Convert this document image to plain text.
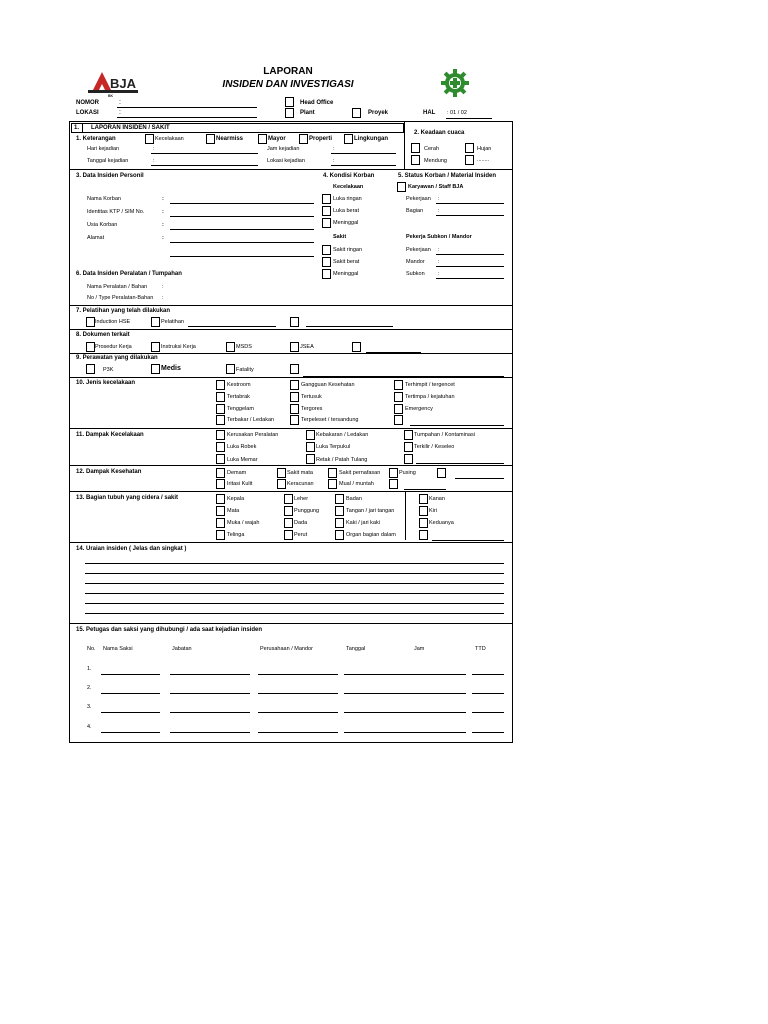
BJA
BK
LAPORAN
INSIDEN DAN INVESTIGASI
NOMOR	:
LOKASI	:
Head Office
Plant	Proyek	HAL : 01 / 02
1. LAPORAN INSIDEN / SAKIT
1. Keterangan	Kecelakaan	Nearmiss	Mayor	Properti	Lingkungan
Hari kejadian	:	Jam kejadian	:
Tanggal kejadian	:	Lokasi kejadian	:
2. Keadaan cuaca
Cerah	Hujan
Mendung	........
3. Data Insiden Personil
Nama Korban	:
Identitas KTP / SIM No.	:
Usia Korban	:
Alamat	:
4. Kondisi Korban
Kecelakaan
Luka ringan
Luka berat
Meninggal
Sakit
Sakit ringan
Sakit berat
Meninggal
5. Status Korban / Material Insiden
Karyawan / Staff BJA
Pekerjaan :
Bagian	:
Pekerja Subkon / Mandor
Pekerjaan :
Mandor :
Subkon :
6. Data Insiden Peralatan / Tumpahan
Nama Peralatan / Bahan	:
No / Type Peralatan-Bahan :
7. Pelatihan yang telah dilakukan
Induction HSE	Pelatihan
8. Dokumen terkait
Prosedur Kerja	Instruksi Kerja	MSDS	JSEA
9. Perawatan yang dilakukan
P3K	Medis	Fatality
10. Jenis kecelakaan	Kestroom	Gangguan Kesehatan	Terhimpit / tergencet
Tertabrak	Tertusuk	Tertimpa / kejatuhan
Tenggelam	Tergores	Emergency
Terbakar / Ledakan	Terpeleset / tersandung
11. Dampak Kecelakaan	Kerusakan Peralatan	Kebakaran / Ledakan	Tumpahan / Kontaminasi
Luka Robek	Luka Terpukul	Terkilir / Keseleo
Luka Memar	Retak / Patah Tulang
12. Dampak Kesehatan	Demam	Sakit mata	Sakit pernafasan	Pusing
Iritasi Kulit	Keracunan	Mual / muntah
13. Bagian tubuh yang cidera / sakit	Kepala	Leher	Badan	Kanan
Mata	Punggung	Tangan / jari tangan	Kiri
Muka / wajah	Dada	Kaki / jari kaki	Keduanya
Telinga	Perut	Organ bagian dalam
14. Uraian insiden ( Jelas dan singkat )
15. Petugas dan saksi yang dihubungi / ada saat kejadian insiden
No. Nama Saksi	Jabatan	Perusahaan / Mandor	Tanggal	Jam	TTD
1.
2.
3.
4.
